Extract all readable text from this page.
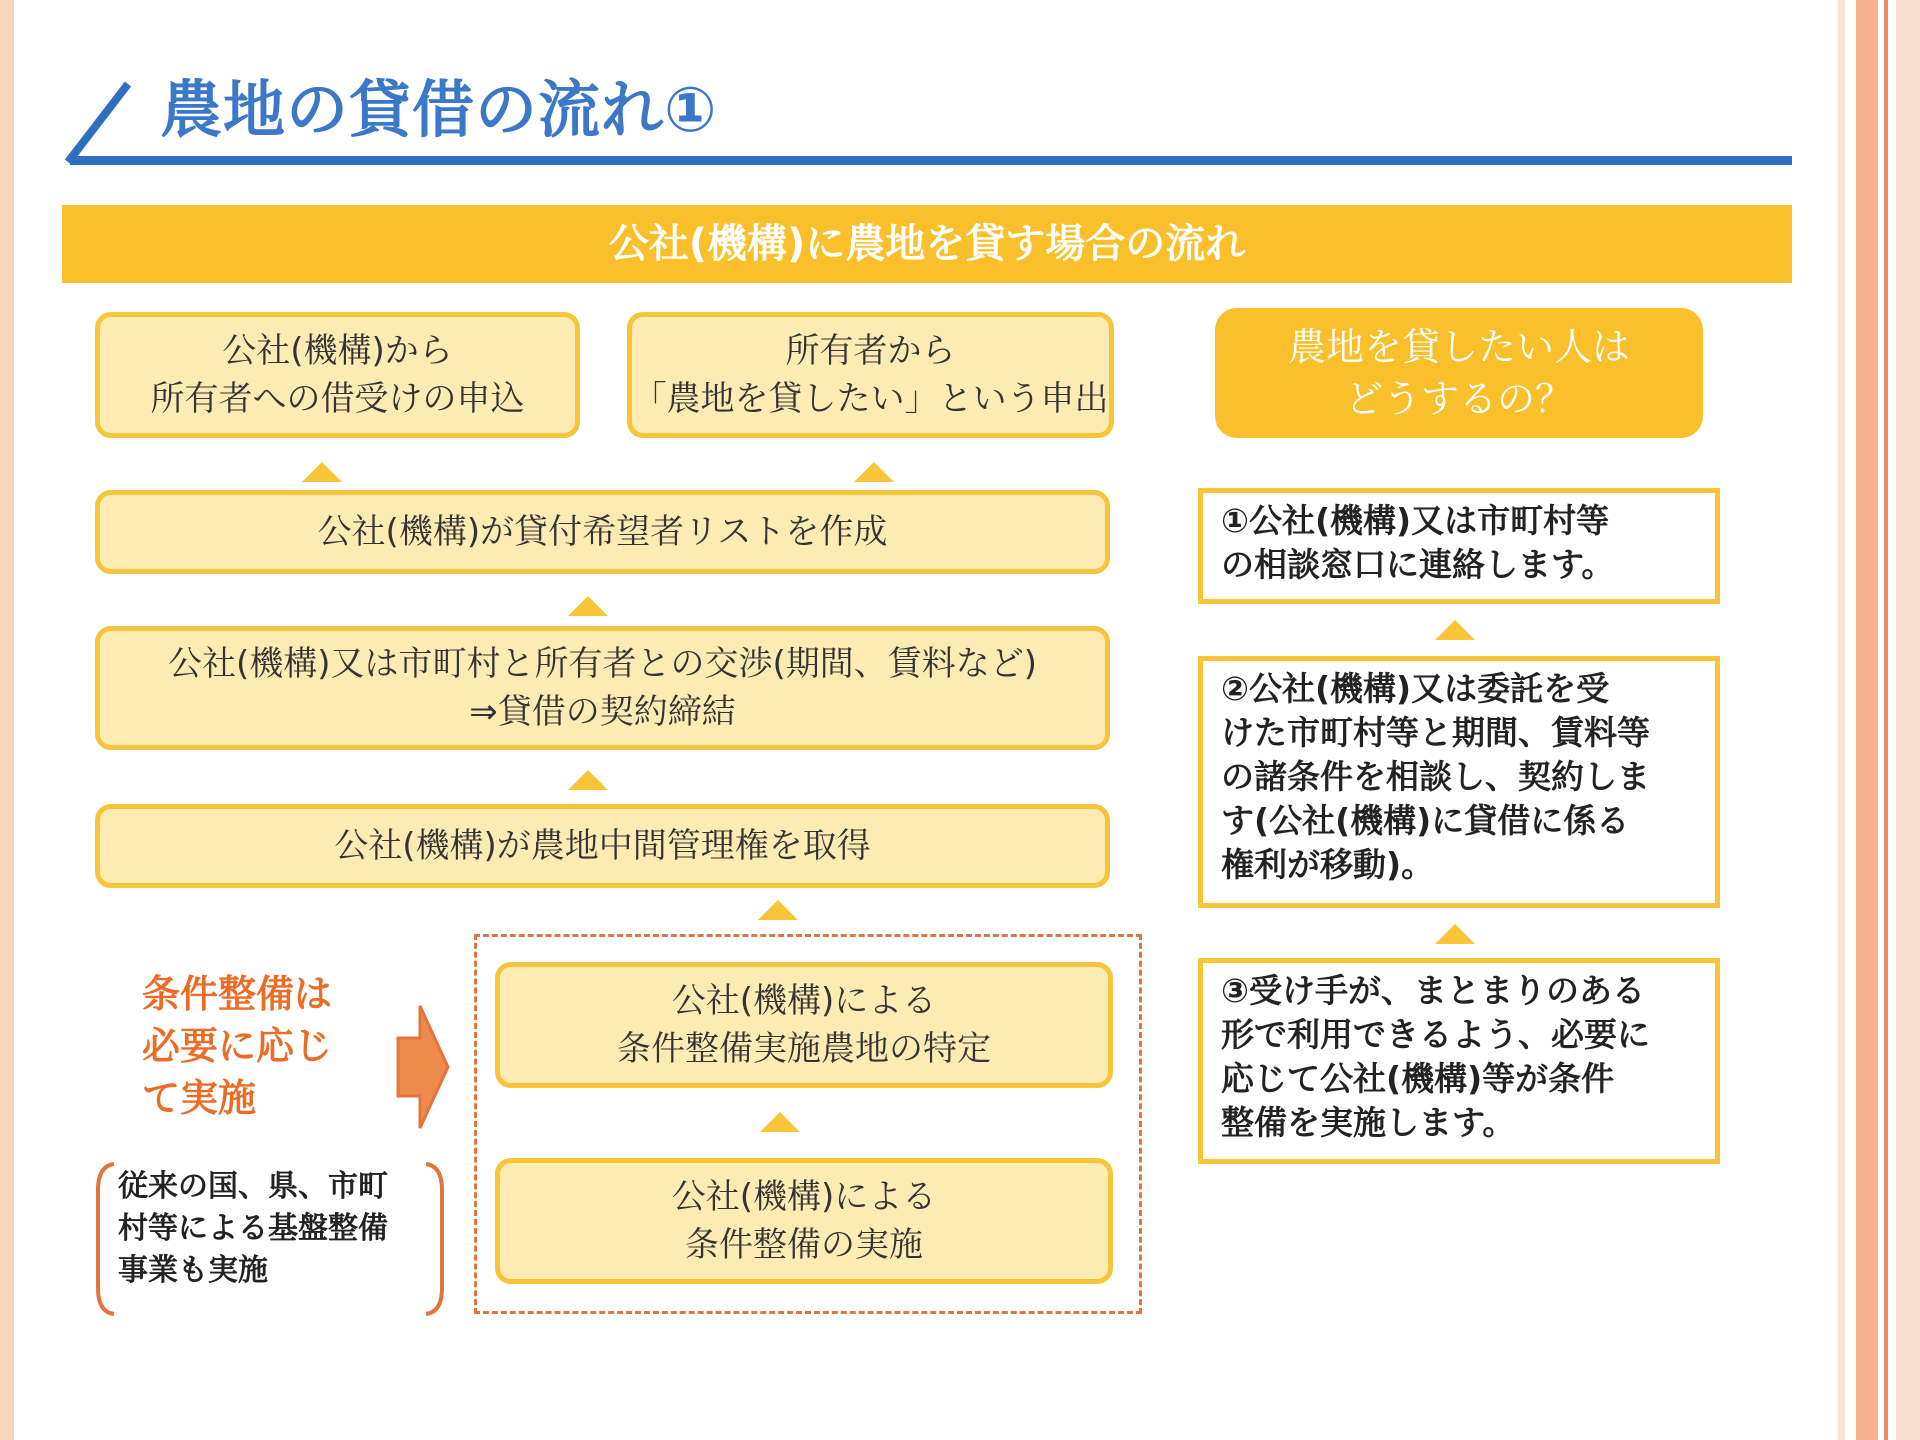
農地の貸借の流れ①
公社(機構)に農地を貸す場合の流れ
公社(機構)から
所有者への借受けの申込
所有者から
「農地を貸したい」という申出
公社(機構)が貸付希望者リストを作成
公社(機構)又は市町村と所有者との交渉(期間、賃料など)
⇒貸借の契約締結
公社(機構)が農地中間管理権を取得
公社(機構)による
条件整備実施農地の特定
公社(機構)による
条件整備の実施
条件整備は
必要に応じ
て実施
従来の国、県、市町
村等による基盤整備
事業も実施
農地を貸したい人は
どうするの？
①公社(機構)又は市町村等
の相談窓口に連絡します。
②公社(機構)又は委託を受
けた市町村等と期間、賃料等
の諸条件を相談し、契約しま
す(公社(機構)に貸借に係る
権利が移動)。
③受け手が、まとまりのある
形で利用できるよう、必要に
応じて公社(機構)等が条件
整備を実施します。
